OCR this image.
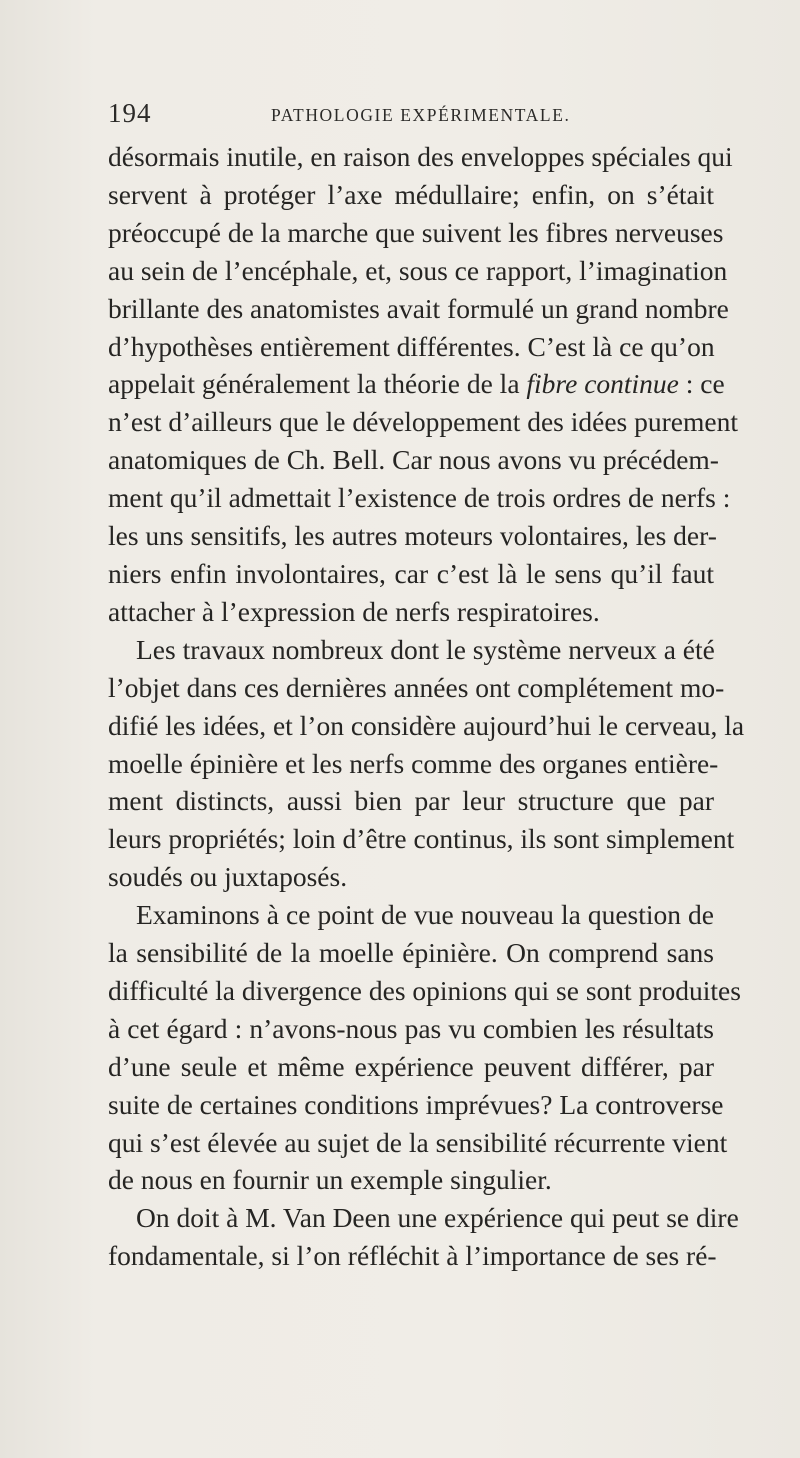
194	PATHOLOGIE EXPÉRIMENTALE.
désormais inutile, en raison des enveloppes spéciales qui
servent à protéger l’axe médullaire; enfin, on s’était
préoccupé de la marche que suivent les fibres nerveuses
au sein de l’encéphale, et, sous ce rapport, l’imagination
brillante des anatomistes avait formulé un grand nombre
d’hypothèses entièrement différentes. C’est là ce qu’on
appelait généralement la théorie de la fibre continue : ce
n’est d’ailleurs que le développement des idées purement
anatomiques de Ch. Bell. Car nous avons vu précédem-
ment qu’il admettait l’existence de trois ordres de nerfs :
les uns sensitifs, les autres moteurs volontaires, les der-
niers enfin involontaires, car c’est là le sens qu’il faut
attacher à l’expression de nerfs respiratoires.
Les travaux nombreux dont le système nerveux a été
l’objet dans ces dernières années ont complétement mo-
difié les idées, et l’on considère aujourd’hui le cerveau, la
moelle épinière et les nerfs comme des organes entière-
ment distincts, aussi bien par leur structure que par
leurs propriétés; loin d’être continus, ils sont simplement
soudés ou juxtaposés.
Examinons à ce point de vue nouveau la question de
la sensibilité de la moelle épinière. On comprend sans
difficulté la divergence des opinions qui se sont produites
à cet égard : n’avons-nous pas vu combien les résultats
d’une seule et même expérience peuvent différer, par
suite de certaines conditions imprévues? La controverse
qui s’est élevée au sujet de la sensibilité récurrente vient
de nous en fournir un exemple singulier.
On doit à M. Van Deen une expérience qui peut se dire
fondamentale, si l’on réfléchit à l’importance de ses ré-
